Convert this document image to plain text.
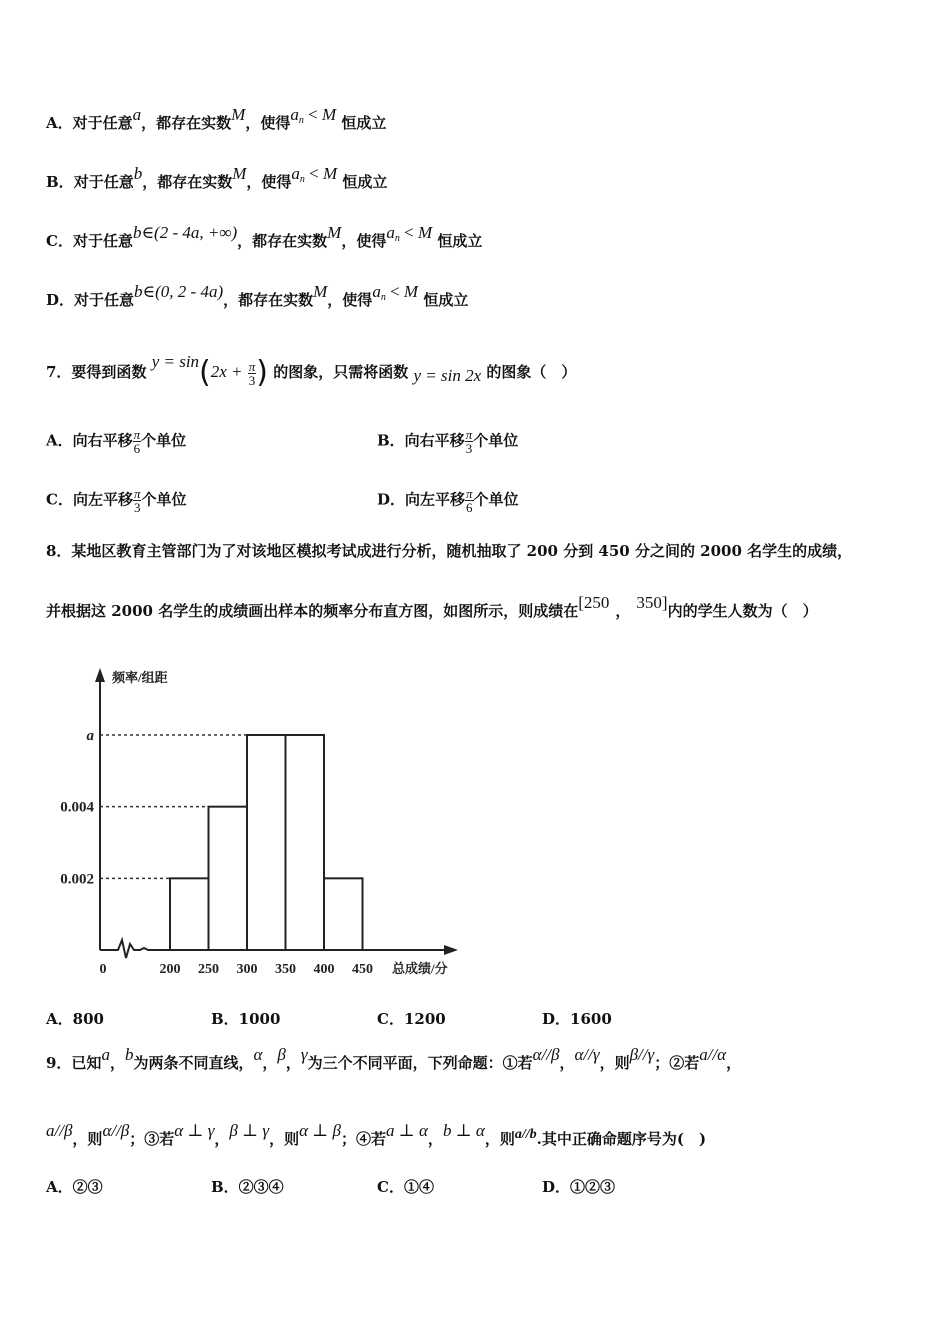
A．对于任意a，都存在实数M，使得$a_n < M$ 恒成立
B．对于任意b，都存在实数M，使得$a_n < M$ 恒成立
C．对于任意b∈(2 - 4a, +∞)，都存在实数M，使得$a_n < M$ 恒成立
D．对于任意b∈(0, 2 - 4a)，都存在实数M，使得$a_n < M$ 恒成立
7．要得到函数 $y = \sin(2x + \frac{\pi}{3}$ ) 的图象，只需将函数 y = sin 2x 的图象（　）
A．向右平移 $\frac{\pi}{6}$ 个单位	B．向右平移 $\frac{\pi}{3}$ 个单位
C．向左平移 $\frac{\pi}{3}$ 个单位	D．向左平移 $\frac{\pi}{6}$ 个单位
8．某地区教育主管部门为了对该地区模拟考试成进行分析，随机抽取了 200 分到 450 分之间的 2000 名学生的成绩，
并根据这 2000 名学生的成绩画出样本的频率分布直方图，如图所示，则成绩在[250 ， 350]内的学生人数为（　）
频率/组距
总成绩/分
0
0.002
0.004
a
200 250 300 350 400 450
A．800	B．1000	C．1200	D．1600
9．已知a，b为两条不同直线，α，β，γ为三个不同平面，下列命题：①若α//β，α//γ，则β//γ；②若a//α，
a//β，则α//β；③若α ⊥ γ，β ⊥ γ，则α ⊥ β；④若a ⊥ α，b ⊥ α，则a//b.其中正确命题序号为(　)
A．②③	B．②③④	C．①④	D．①②③
